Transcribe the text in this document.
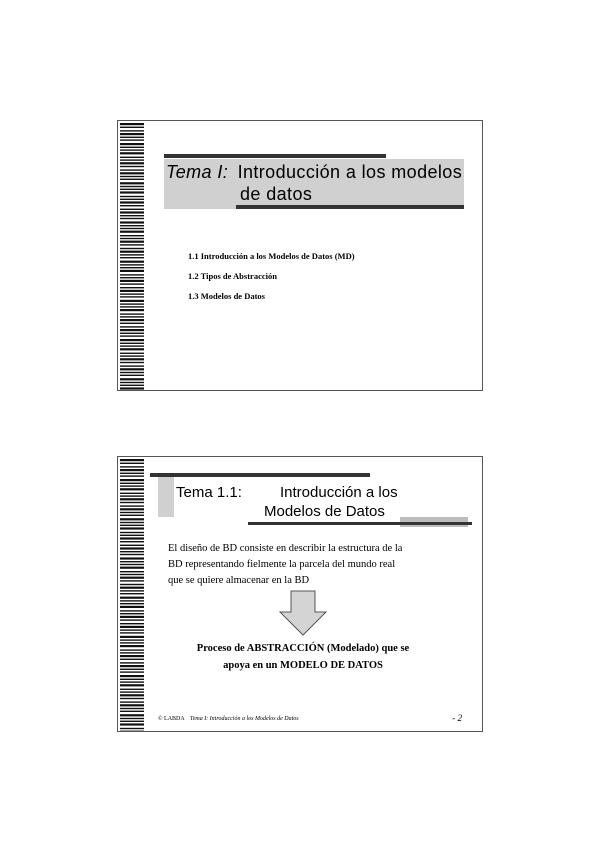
Tema I: Introducción a los modelos
de datos
1.1 Introducción a los Modelos de Datos (MD)
1.2 Tipos de Abstracción
1.3 Modelos de Datos
Tema 1.1:	Introducción a los
Modelos de Datos
El diseño de BD consiste en describir la estructura de la
BD representando fielmente la parcela del mundo real
que se quiere almacenar en la BD
Proceso de ABSTRACCIÓN (Modelado) que se
apoya en un MODELO DE DATOS
© LABDA Tema I: Introducción a los Modelos de Datos	- 2
